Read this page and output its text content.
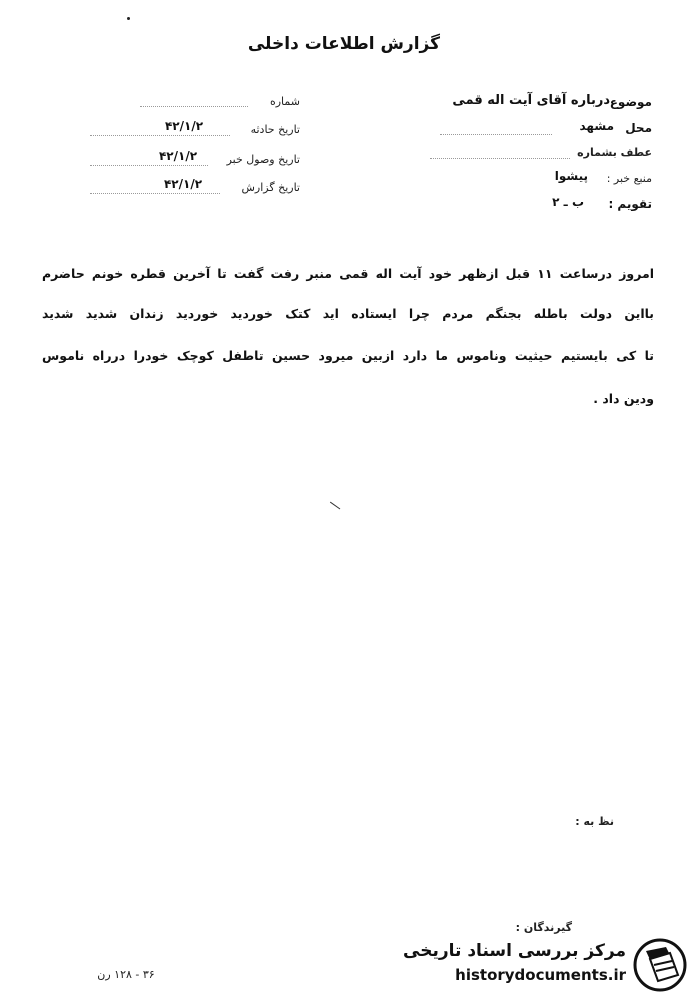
گزارش اطلاعات داخلی
شماره
تاریخ حادثه
۴۲/۱/۲
تاریخ وصول خبر
۴۲/۱/۲
تاریخ گزارش
۴۲/۱/۲
موضوع
درباره آقای آیت اله قمی
محل
مشهد
عطف بشماره
منبع خبر :
پیشوا
تقویم :
ب ـ ۲
امروز درساعت ۱۱ قبل ازظهر خود آیت اله قمی منبر رفت گفت تا آخرین قطره خونم حاضرم
بااین دولت باطله بجنگم مردم چرا ایستاده اید کتک خوردید خوردید زندان شدید شدید
تا کی بایستیم حیثیت وناموس ما دارد ازبین میرود حسین تاطفل کوچک خودرا درراه ناموس
ودین داد .
نظ به :
گیرندگان :
۳۶ - ۱۲۸ رن
مرکز بررسی اسناد تاریخی
historydocuments.ir
